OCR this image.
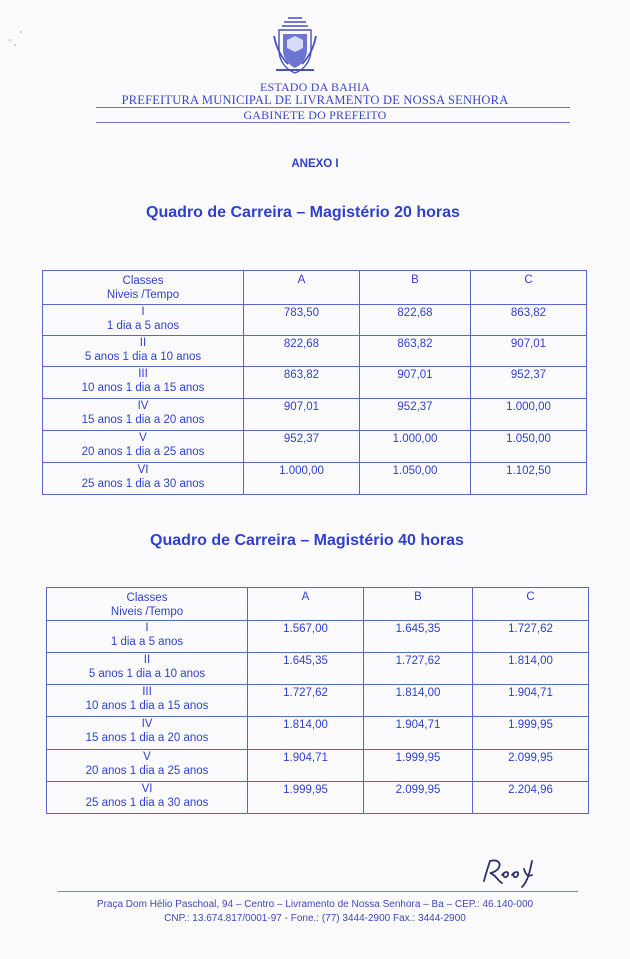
ESTADO DA BAHIA
PREFEITURA MUNICIPAL DE LIVRAMENTO DE NOSSA SENHORA
GABINETE DO PREFEITO
ANEXO I
Quadro de Carreira – Magistério 20 horas
Classes
Niveis /Tempo	A	B	C

I
1 dia a 5 anos	783,50	822,68	863,82

II
5 anos 1 dia a 10 anos	822,68	863,82	907,01

III
10 anos 1 dia a 15 anos	863,82	907,01	952,37

IV
15 anos 1 dia a 20 anos	907,01	952,37	1.000,00

V
20 anos 1 dia a 25 anos	952,37	1.000,00	1.050,00

VI
25 anos 1 dia a 30 anos	1.000,00	1.050,00	1.102,50
Quadro de Carreira – Magistério 40 horas
Classes
Niveis /Tempo	A	B	C

I
1 dia a 5 anos	1.567,00	1.645,35	1.727,62

II
5 anos 1 dia a 10 anos	1.645,35	1.727,62	1.814,00

III
10 anos 1 dia a 15 anos	1.727,62	1.814,00	1.904,71

IV
15 anos 1 dia a 20 anos	1.814,00	1.904,71	1.999,95

V
20 anos 1 dia a 25 anos	1.904,71	1.999,95	2.099,95

VI
25 anos 1 dia a 30 anos	1.999,95	2.099,95	2.204,96
Praça Dom Hélio Paschoal, 94 – Centro – Livramento de Nossa Senhora – Ba – CEP.: 46.140-000
CNP.: 13.674.817/0001-97 - Fone.: (77) 3444-2900 Fax.: 3444-2900
